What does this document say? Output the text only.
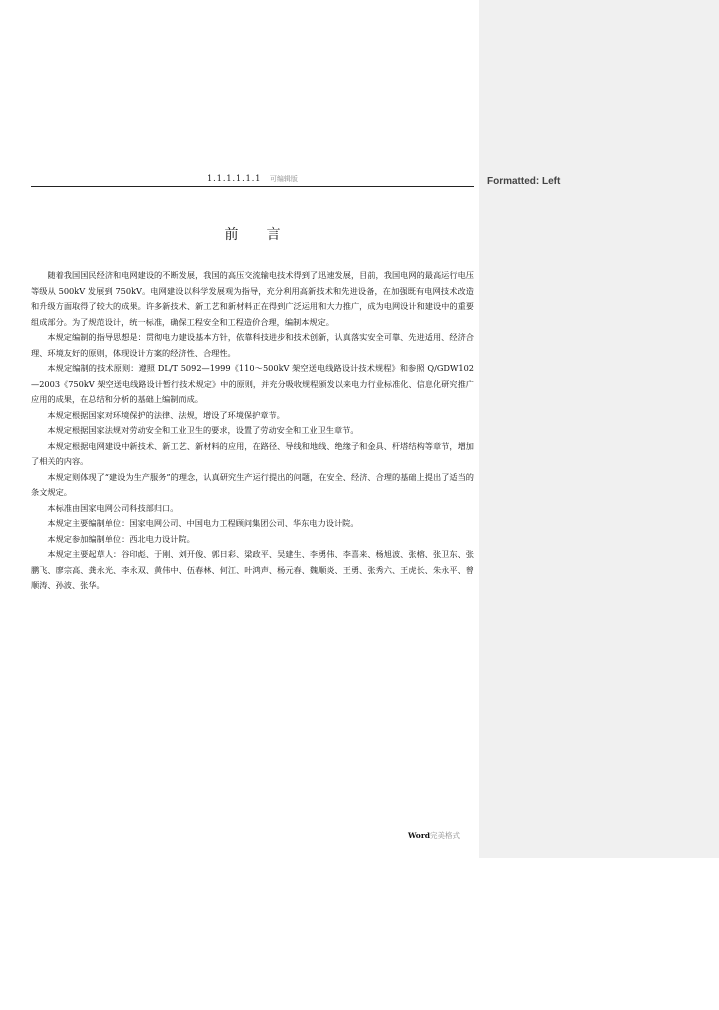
1.1.1.1.1.1 可编辑版
前言

随着我国国民经济和电网建设的不断发展，我国的高压交流输电技术得到了迅速发展，目前，我国电网的最高运行电压等级从 500kV 发展到 750kV。电网建设以科学发展观为指导，充分利用高新技术和先进设备，在加强既有电网技术改造和升级方面取得了较大的成果。许多新技术、新工艺和新材料正在得到广泛运用和大力推广，成为电网设计和建设中的重要组成部分。为了规范设计，统一标准，确保工程安全和工程造价合理，编制本规定。

本规定编制的指导思想是：贯彻电力建设基本方针，依靠科技进步和技术创新，认真落实安全可靠、先进适用、经济合理、环境友好的原则，体现设计方案的经济性、合理性。

本规定编制的技术原则：遵照 DL/T 5092—1999《110～500kV 架空送电线路设计技术规程》和参照 Q/GDW102—2003《750kV 架空送电线路设计暂行技术规定》中的原则，并充分吸收规程颁发以来电力行业标准化、信息化研究推广应用的成果，在总结和分析的基础上编制而成。

本规定根据国家对环境保护的法律、法规，增设了环境保护章节。

本规定根据国家法规对劳动安全和工业卫生的要求，设置了劳动安全和工业卫生章节。

本规定根据电网建设中新技术、新工艺、新材料的应用，在路径、导线和地线、绝缘子和金具、杆塔结构等章节，增加了相关的内容。

本规定则体现了“建设为生产服务”的理念，认真研究生产运行提出的问题，在安全、经济、合理的基础上提出了适当的条文规定。

本标准由国家电网公司科技部归口。

本规定主要编制单位：国家电网公司、中国电力工程顾问集团公司、华东电力设计院。

本规定参加编制单位：西北电力设计院。

本规定主要起草人：谷印彪、于刚、刘开俊、郭日彩、梁政平、吴建生、李勇伟、李喜来、杨旭波、张榕、张卫东、张鹏飞、廖宗高、龚永光、李永双、黄伟中、伍春林、何江、叶鸿声、杨元春、魏顺炎、王勇、张秀六、王虎长、朱永平、曾顺涛、孙波、张华。

Word完美格式
Formatted: Left
